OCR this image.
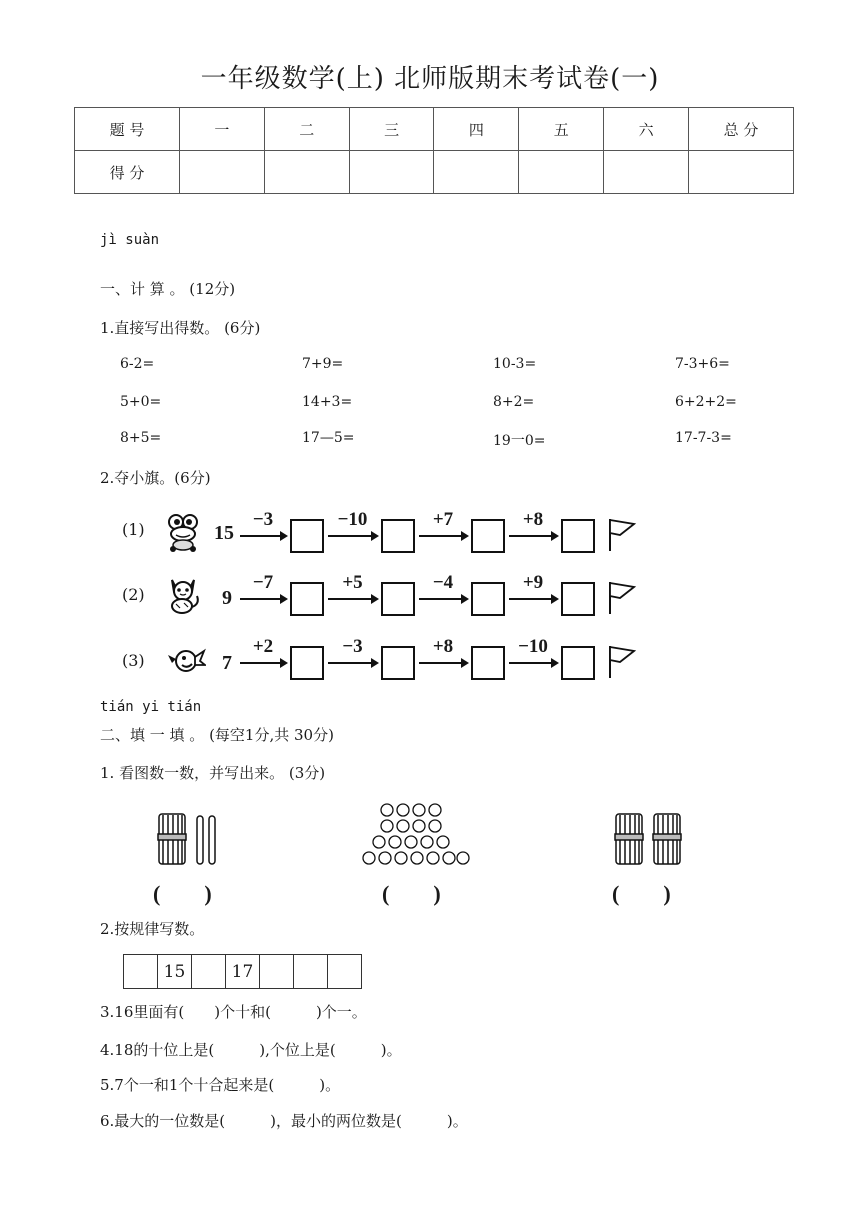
一年级数学(上) 北师版期末考试卷(一)
题 号	一	二	三	四	五	六	总 分
得 分							
jì suàn
一、计 算 。 (12分)
1.直接写出得数。 (6分)
6-2=	7+9=	10-3=	7-3+6=
5+0=	14+3=	8+2=	6+2+2=
8+5=	17—5=	19一0=	17-7-3=
2.夺小旗。(6分)
(1)	15
(2)	9
(3)	7
−3	−10	+7	+8
−7	+5	−4	+9
+2	−3	+8	−10
tián yi tián
二、填 一 填 。 (每空1分,共 30分)
1. 看图数一数，并写出来。 (3分)
(　　)	(　　)	(　　)
2.按规律写数。
	15		17			
3.16里面有(　　)个十和(　　　)个一。
4.18的十位上是(　　　),个位上是(　　　)。
5.7个一和1个十合起来是(　　　)。
6.最大的一位数是(　　　)，最小的两位数是(　　　)。
